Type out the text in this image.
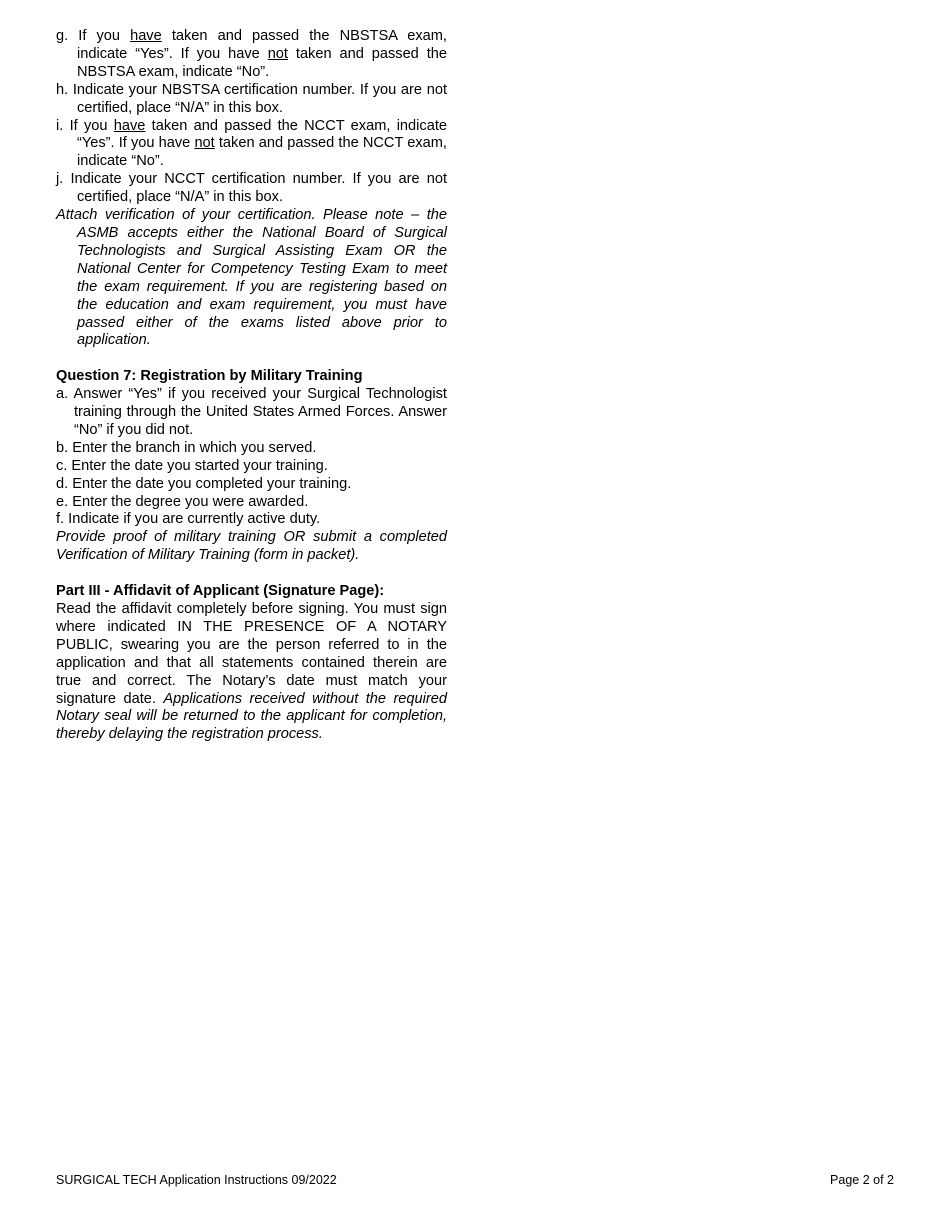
g. If you have taken and passed the NBSTSA exam, indicate “Yes”. If you have not taken and passed the NBSTSA exam, indicate “No”.

h. Indicate your NBSTSA certification number. If you are not certified, place “N/A” in this box.

i. If you have taken and passed the NCCT exam, indicate “Yes”. If you have not taken and passed the NCCT exam, indicate “No”.

j. Indicate your NCCT certification number. If you are not certified, place “N/A” in this box.

Attach verification of your certification. Please note – the ASMB accepts either the National Board of Surgical Technologists and Surgical Assisting Exam OR the National Center for Competency Testing Exam to meet the exam requirement. If you are registering based on the education and exam requirement, you must have passed either of the exams listed above prior to application.

Question 7: Registration by Military Training

a. Answer “Yes” if you received your Surgical Technologist training through the United States Armed Forces. Answer “No” if you did not.

b. Enter the branch in which you served.

c. Enter the date you started your training.

d. Enter the date you completed your training.

e. Enter the degree you were awarded.

f. Indicate if you are currently active duty.

Provide proof of military training OR submit a completed Verification of Military Training (form in packet).

Part III - Affidavit of Applicant (Signature Page):

Read the affidavit completely before signing. You must sign where indicated IN THE PRESENCE OF A NOTARY PUBLIC, swearing you are the person referred to in the application and that all statements contained therein are true and correct. The Notary’s date must match your signature date. Applications received without the required Notary seal will be returned to the applicant for completion, thereby delaying the registration process.

SURGICAL TECH Application Instructions 09/2022	Page 2 of 2
